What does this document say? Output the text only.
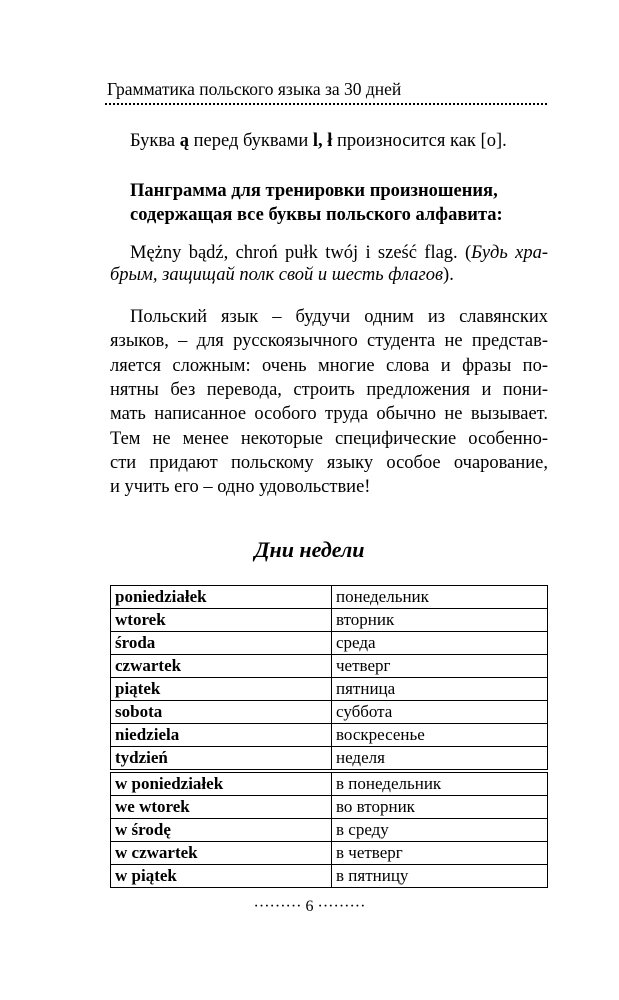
Грамматика польского языка за 30 дней
Буква ą перед буквами l, ł произносится как [o].
Панграмма для тренировки произношения,
содержащая все буквы польского алфавита:
Mężny bądź, chroń pułk twój i sześć flag. (Будь хра-
брым, защищай полк свой и шесть флагов).
Польский язык – будучи одним из славянских
языков, – для русскоязычного студента не представ-
ляется сложным: очень многие слова и фразы по-
нятны без перевода, строить предложения и пони-
мать написанное особого труда обычно не вызывает.
Тем не менее некоторые специфические особенно-
сти придают польскому языку особое очарование,
и учить его – одно удовольствие!
Дни недели
poniedziałek	понедельник
wtorek	вторник
środa	среда
czwartek	четверг
piątek	пятница
sobota	суббота
niedziela	воскресенье
tydzień	неделя
w poniedziałek	в понедельник
we wtorek	во вторник
w środę	в среду
w czwartek	в четверг
w piątek	в пятницу
········· 6 ·········
